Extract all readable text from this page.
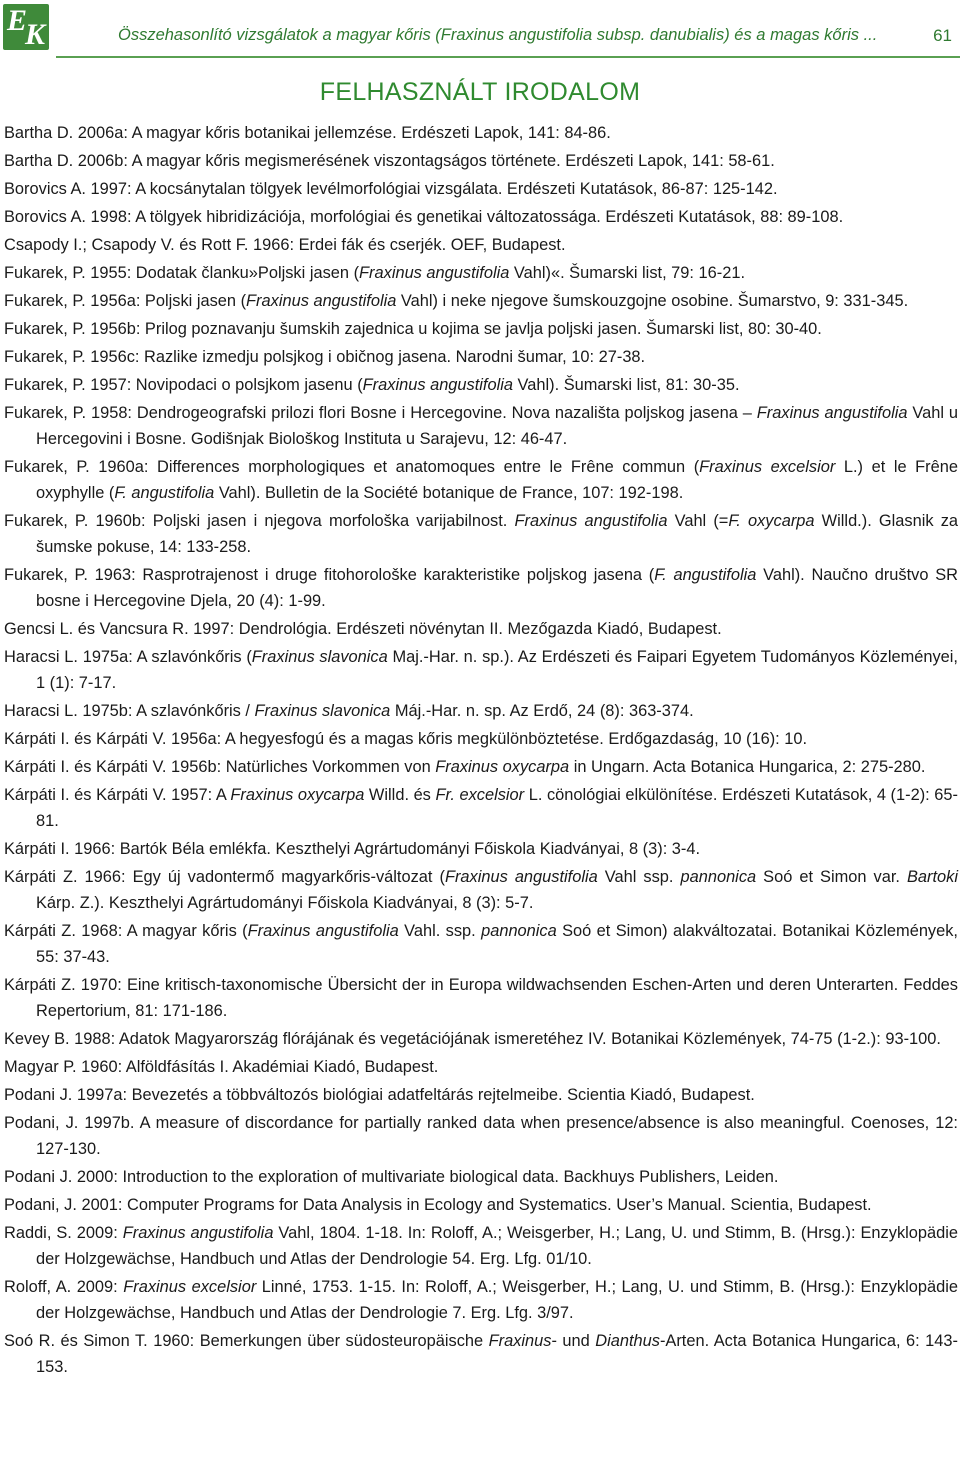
E
K	Összehasonlító vizsgálatok a magyar kőris (Fraxinus angustifolia subsp. danubialis) és a magas kőris ...	61
FELHASZNÁLT IRODALOM

Bartha D. 2006a: A magyar kőris botanikai jellemzése. Erdészeti Lapok, 141: 84-86.

Bartha D. 2006b: A magyar kőris megismerésének viszontagságos története. Erdészeti Lapok, 141: 58-61.

Borovics A. 1997: A kocsánytalan tölgyek levélmorfológiai vizsgálata. Erdészeti Kutatások, 86-87: 125-142.

Borovics A. 1998: A tölgyek hibridizációja, morfológiai és genetikai változatossága. Erdészeti Kutatások, 88: 89-108.

Csapody I.; Csapody V. és Rott F. 1966: Erdei fák és cserjék. OEF, Budapest.

Fukarek, P. 1955: Dodatak članku»Poljski jasen (Fraxinus angustifolia Vahl)«. Šumarski list, 79: 16-21.

Fukarek, P. 1956a: Poljski jasen (Fraxinus angustifolia Vahl) i neke njegove šumskouzgojne osobine. Šumarstvo, 9: 331-345.

Fukarek, P. 1956b: Prilog poznavanju šumskih zajednica u kojima se javlja poljski jasen. Šumarski list, 80: 30-40.

Fukarek, P. 1956c: Razlike izmedju polsjkog i običnog jasena. Narodni šumar, 10: 27-38.

Fukarek, P. 1957: Novipodaci o polsjkom jasenu (Fraxinus angustifolia Vahl). Šumarski list, 81: 30-35.

Fukarek, P. 1958: Dendrogeografski prilozi flori Bosne i Hercegovine. Nova nazališta poljskog jasena – Fraxinus angustifolia Vahl u Hercegovini i Bosne. Godišnjak Biološkog Instituta u Sarajevu, 12: 46-47.

Fukarek, P. 1960a: Differences morphologiques et anatomoques entre le Frêne commun (Fraxinus excelsior L.) et le Frêne oxyphylle (F. angustifolia Vahl). Bulletin de la Société botanique de France, 107: 192-198.

Fukarek, P. 1960b: Poljski jasen i njegova morfološka varijabilnost. Fraxinus angustifolia Vahl (=F. oxycarpa Willd.). Glasnik za šumske pokuse, 14: 133-258.

Fukarek, P. 1963: Rasprotrajenost i druge fitohorološke karakteristike poljskog jasena (F. angustifolia Vahl). Naučno društvo SR bosne i Hercegovine Djela, 20 (4): 1-99.

Gencsi L. és Vancsura R. 1997: Dendrológia. Erdészeti növénytan II. Mezőgazda Kiadó, Budapest.

Haracsi L. 1975a: A szlavónkőris (Fraxinus slavonica Maj.-Har. n. sp.). Az Erdészeti és Faipari Egyetem Tudományos Közleményei, 1 (1): 7-17.

Haracsi L. 1975b: A szlavónkőris / Fraxinus slavonica Máj.-Har. n. sp. Az Erdő, 24 (8): 363-374.

Kárpáti I. és Kárpáti V. 1956a: A hegyesfogú és a magas kőris megkülönböztetése. Erdőgazdaság, 10 (16): 10.

Kárpáti I. és Kárpáti V. 1956b: Natürliches Vorkommen von Fraxinus oxycarpa in Ungarn. Acta Botanica Hungarica, 2: 275-280.

Kárpáti I. és Kárpáti V. 1957: A Fraxinus oxycarpa Willd. és Fr. excelsior L. cönológiai elkülönítése. Erdészeti Kutatások, 4 (1-2): 65-81.

Kárpáti I. 1966: Bartók Béla emlékfa. Keszthelyi Agrártudományi Főiskola Kiadványai, 8 (3): 3-4.

Kárpáti Z. 1966: Egy új vadontermő magyarkőris-változat (Fraxinus angustifolia Vahl ssp. pannonica Soó et Simon var. Bartoki Kárp. Z.). Keszthelyi Agrártudományi Főiskola Kiadványai, 8 (3): 5-7.

Kárpáti Z. 1968: A magyar kőris (Fraxinus angustifolia Vahl. ssp. pannonica Soó et Simon) alakváltozatai. Botanikai Közlemények, 55: 37-43.

Kárpáti Z. 1970: Eine kritisch-taxonomische Übersicht der in Europa wildwachsenden Eschen-Arten und deren Unterarten. Feddes Repertorium, 81: 171-186.

Kevey B. 1988: Adatok Magyarország flórájának és vegetációjának ismeretéhez IV. Botanikai Közlemények, 74-75 (1-2.): 93-100.

Magyar P. 1960: Alföldfásítás I. Akadémiai Kiadó, Budapest.

Podani J. 1997a: Bevezetés a többváltozós biológiai adatfeltárás rejtelmeibe. Scientia Kiadó, Budapest.

Podani, J. 1997b. A measure of discordance for partially ranked data when presence/absence is also meaningful. Coenoses, 12: 127-130.

Podani J. 2000: Introduction to the exploration of multivariate biological data. Backhuys Publishers, Leiden.

Podani, J. 2001: Computer Programs for Data Analysis in Ecology and Systematics. User’s Manual. Scientia, Budapest.

Raddi, S. 2009: Fraxinus angustifolia Vahl, 1804. 1-18. In: Roloff, A.; Weisgerber, H.; Lang, U. und Stimm, B. (Hrsg.): Enzyklopädie der Holzgewächse, Handbuch und Atlas der Dendrologie 54. Erg. Lfg. 01/10.

Roloff, A. 2009: Fraxinus excelsior Linné, 1753. 1-15. In: Roloff, A.; Weisgerber, H.; Lang, U. und Stimm, B. (Hrsg.): Enzyklopädie der Holzgewächse, Handbuch und Atlas der Dendrologie 7. Erg. Lfg. 3/97.

Soó R. és Simon T. 1960: Bemerkungen über südosteuropäische Fraxinus- und Dianthus-Arten. Acta Botanica Hungarica, 6: 143-153.
